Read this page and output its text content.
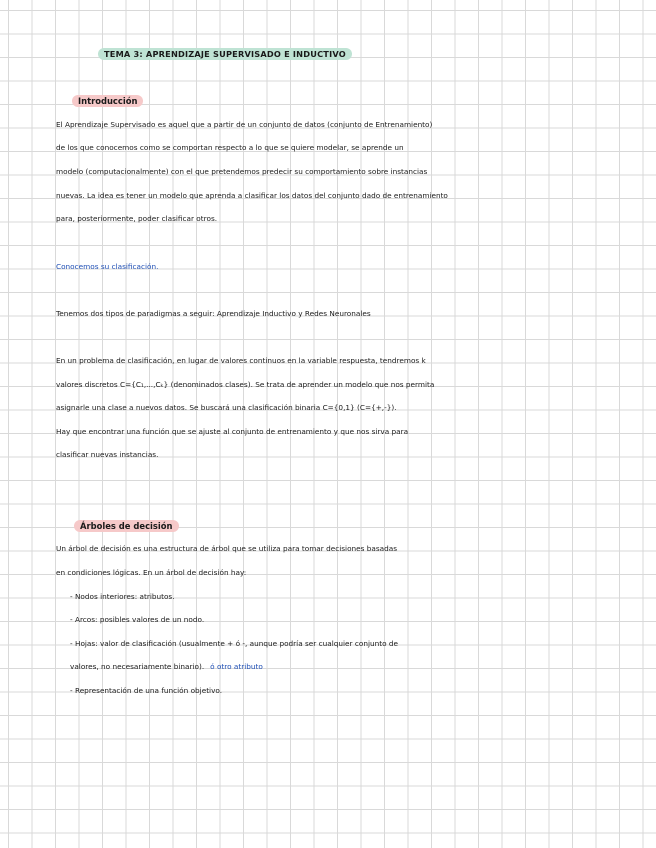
TEMA 3: APRENDIZAJE SUPERVISADO E INDUCTIVO
Introducción
El Aprendizaje Supervisado es aquel que a partir de un conjunto de datos (conjunto de Entrenamiento)
de los que conocemos como se comportan respecto a lo que se quiere modelar, se aprende un
modelo (computacionalmente) con el que pretendemos predecir su comportamiento sobre instancias
nuevas. La idea es tener un modelo que aprenda a clasificar los datos del conjunto dado de entrenamiento
para, posteriormente, poder clasificar otros.
Conocemos su clasificación.
Tenemos dos tipos de paradigmas a seguir: Aprendizaje Inductivo y Redes Neuronales
En un problema de clasificación, en lugar de valores continuos en la variable respuesta, tendremos k
valores discretos C={C₁,...,Cₖ} (denominados clases). Se trata de aprender un modelo que nos permita
asignarle una clase a nuevos datos. Se buscará una clasificación binaria C={0,1} (C={+,-}).
Hay que encontrar una función que se ajuste al conjunto de entrenamiento y que nos sirva para
clasificar nuevas instancias.
Árboles de decisión
Un árbol de decisión es una estructura de árbol que se utiliza para tomar decisiones basadas
en condiciones lógicas. En un árbol de decisión hay:
- Nodos interiores: atributos.
- Arcos: posibles valores de un nodo.
- Hojas: valor de clasificación (usualmente + ó -, aunque podría ser cualquier conjunto de
valores, no necesariamente binario). ó otro atributo
- Representación de una función objetivo.
